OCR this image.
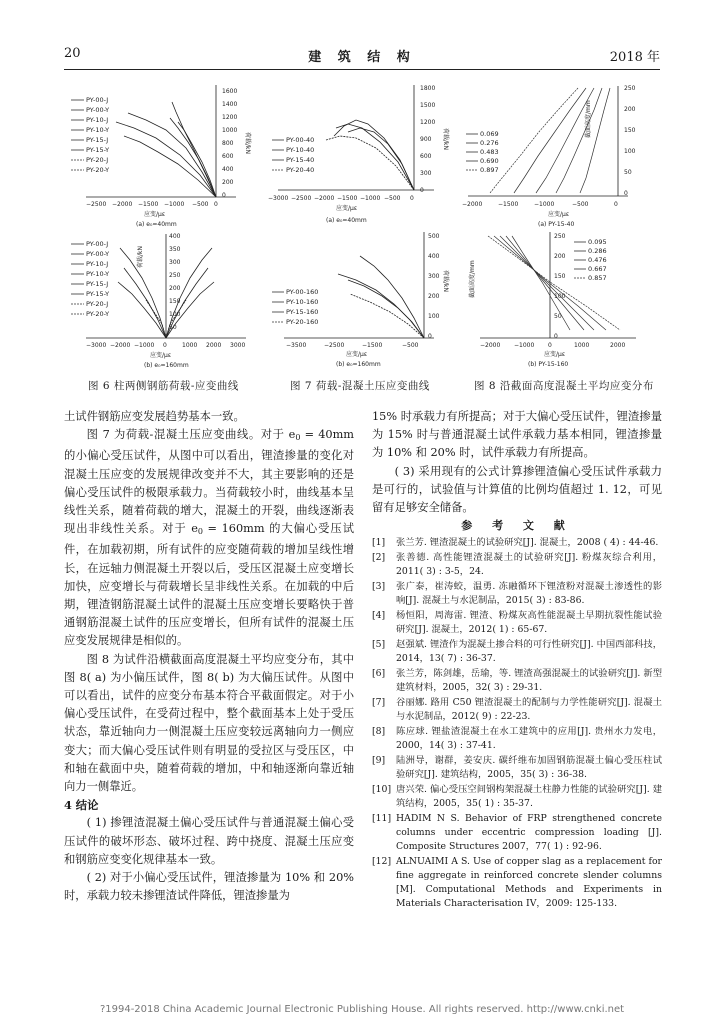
20	建 筑 结 构	2018 年
PY-00-J
PY-00-Y
PY-10-J
PY-10-Y
PY-15-J
PY-15-Y
PY-20-J
PY-20-Y
1600
1400
1200
1000
800
600
400
200
0
荷载/kN
−2500 −2000 −1500 −1000 −500 0
应变/με
(a) e₀=40mm
PY-00-40
PY-10-40
PY-15-40
PY-20-40
1800
1500
1200
900
600
300
0
荷载/kN
−3000 −2500 −2000 −1500 −1000 −500 0
应变/με
(a) e₀=40mm
0.069
0.276
0.483
0.690
0.897
250
200
150
100
50
0
截面高度/mm
−2000	−1500	−1000	−500	0
应变/με
(a) PY-15-40
PY-00-J
PY-00-Y
PY-10-J
PY-10-Y
PY-15-J
PY-15-Y
PY-20-J
PY-20-Y
400
350
300
250
200
150
100
50
荷载/kN
−3000 −2000 −1000 0	1000 2000 3000
应变/με
(b) e₀=160mm
PY-00-160
PY-10-160
PY-15-160
PY-20-160
500
400
300
200
100
0
荷载/kN
−3500	−2500	−1500	−500
应变/με
(b) e₀=160mm
0.095
0.286
0.476
0.667
0.857
250
200
150
100
50
0
截面高度/mm
−2000 −1000 0	1000	2000
应变/με
(b) PY-15-160
图 6 柱两侧钢筋荷载-应变曲线	图 7 荷载-混凝土压应变曲线	图 8 沿截面高度混凝土平均应变分布

土试件钢筋应变发展趋势基本一致。

图 7 为荷载-混凝土压应变曲线。对于 $e_0 = 40mm$ 的小偏心受压试件，从图中可以看出，锂渣掺量的变化对混凝土压应变的发展规律改变并不大，其主要影响的还是偏心受压试件的极限承载力。当荷载较小时，曲线基本呈线性关系，随着荷载的增大，混凝土的开裂，曲线逐渐表现出非线性关系。对于 $e_0 = 160mm$ 的大偏心受压试件，在加载初期，所有试件的应变随荷载的增加呈线性增长，在远轴力侧混凝土开裂以后，受压区混凝土应变增长加快，应变增长与荷载增长呈非线性关系。在加载的中后期，锂渣钢筋混凝土试件的混凝土压应变增长要略快于普通钢筋混凝土试件的压应变增长，但所有试件的混凝土压应变发展规律是相似的。

图 8 为试件沿横截面高度混凝土平均应变分布，其中图 8( a) 为小偏压试件，图 8( b) 为大偏压试件。从图中可以看出，试件的应变分布基本符合平截面假定。对于小偏心受压试件，在受荷过程中，整个截面基本上处于受压状态，靠近轴向力一侧混凝土压应变较远离轴向力一侧应变大；而大偏心受压试件则有明显的受拉区与受压区，中和轴在截面中央，随着荷载的增加，中和轴逐渐向靠近轴向力一侧靠近。

4 结论

( 1) 掺锂渣混凝土偏心受压试件与普通混凝土偏心受压试件的破坏形态、破坏过程、跨中挠度、混凝土压应变和钢筋应变变化规律基本一致。

( 2) 对于小偏心受压试件，锂渣掺量为 10% 和 20% 时，承载力较未掺锂渣试件降低，锂渣掺量为

15% 时承载力有所提高；对于大偏心受压试件，锂渣掺量为 15% 时与普通混凝土试件承载力基本相同，锂渣掺量为 10% 和 20% 时，试件承载力有所提高。

( 3) 采用现有的公式计算掺锂渣偏心受压试件承载力是可行的，试验值与计算值的比例均值超过 1. 12，可见留有足够安全储备。

参 考 文 献

[1]	张兰芳. 锂渣混凝土的试验研究[J]. 混凝土，2008 ( 4) : 44-46.
[2]	张善德. 高性能锂渣混凝土的试验研究[J]. 粉煤灰综合利用，2011( 3) : 3-5，24.
[3]	张广泰，崔涛蛟，温勇. 冻融循环下锂渣粉对混凝土渗透性的影响[J]. 混凝土与水泥制品，2015( 3) : 83-86.
[4]	杨恒阳，周海雷. 锂渣、粉煤灰高性能混凝土早期抗裂性能试验研究[J]. 混凝土，2012( 1) : 65-67.
[5]	赵强斌. 锂渣作为混凝土掺合料的可行性研究[J]. 中国西部科技，2014，13( 7) : 36-37.
[6]	张兰芳，陈剑雄，岳瑜，等. 锂渣高强混凝土的试验研究[J]. 新型建筑材料，2005，32( 3) : 29-31.
[7]	谷丽娜. 路用 C50 锂渣混凝土的配制与力学性能研究[J]. 混凝土与水泥制品，2012( 9) : 22-23.
[8]	陈应球. 锂盐渣混凝土在水工建筑中的应用[J]. 贵州水力发电，2000，14( 3) : 37-41.
[9]	陆洲导，谢群，姜安庆. 碳纤维布加固钢筋混凝土偏心受压柱试验研究[J]. 建筑结构，2005，35( 3) : 36-38.
[10] 唐兴荣. 偏心受压空间钢构架混凝土柱静力性能的试验研究[J]. 建筑结构，2005，35( 1) : 35-37.
[11] HADIM N S. Behavior of FRP strengthened concrete columns under eccentric compression loading [J]. Composite Structures 2007，77( 1) : 92-96.
[12] ALNUAIMI A S. Use of copper slag as a replacement for fine aggregate in reinforced concrete slender columns [M]. Computational Methods and Experiments in Materials Characterisation IV，2009: 125-133.
?1994-2018 China Academic Journal Electronic Publishing House. All rights reserved. http://www.cnki.net
